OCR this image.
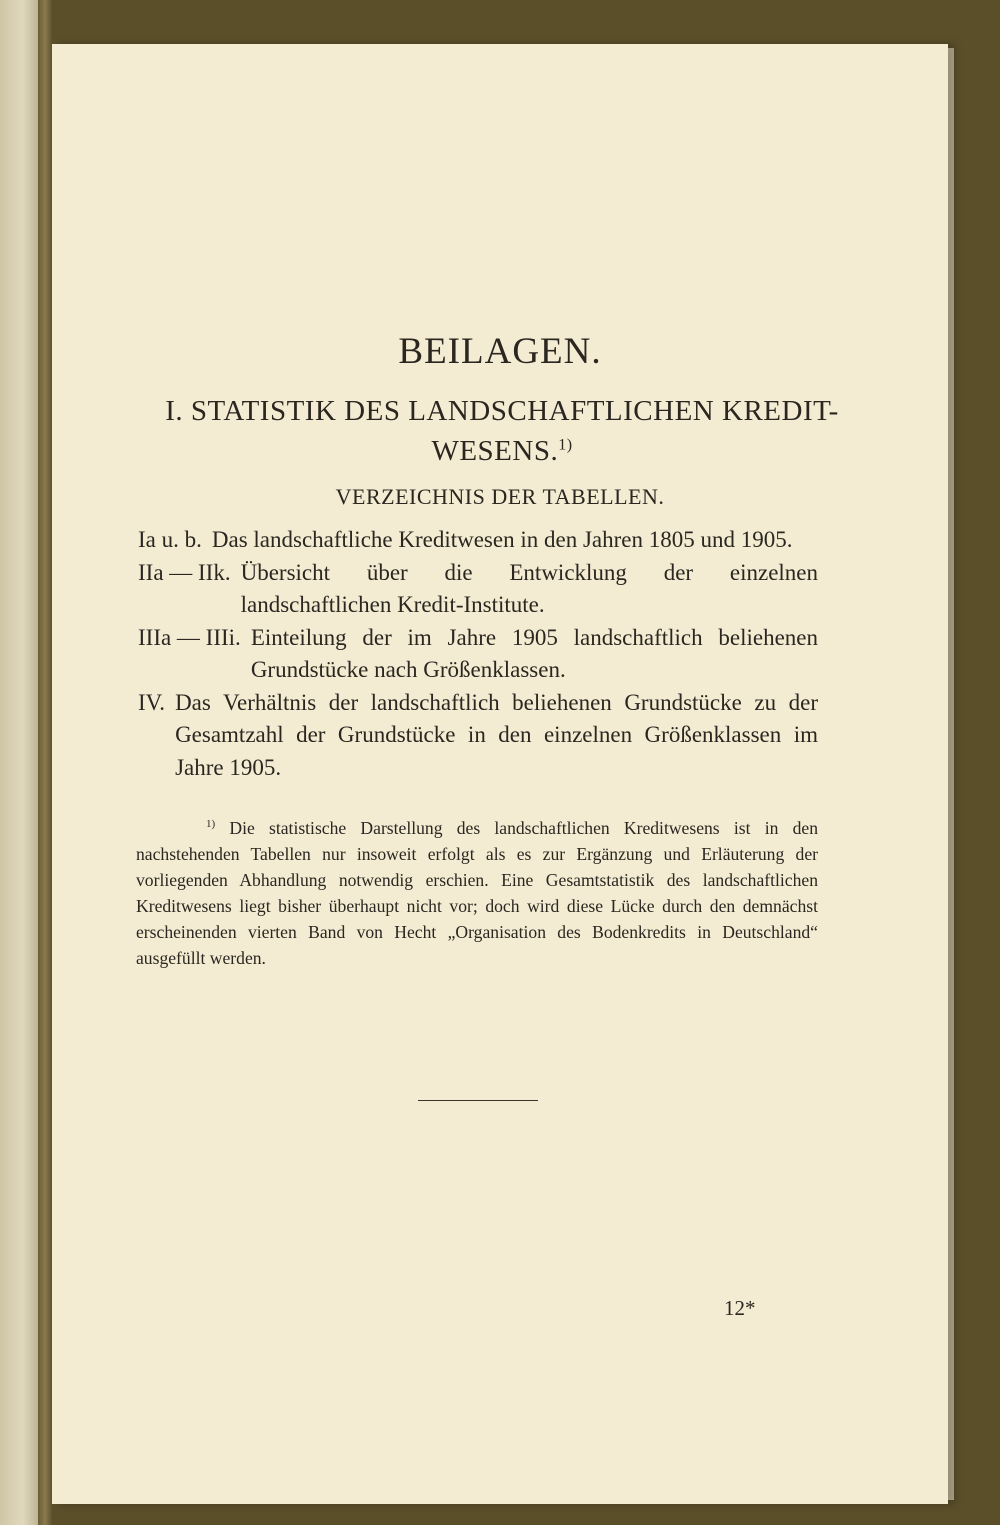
BEILAGEN.
I. STATISTIK DES LANDSCHAFTLICHEN KREDIT-
WESENS.$^{1)}$
VERZEICHNIS DER TABELLEN.
Ia u. b. Das landschaftliche Kreditwesen in den Jahren 1805 und 1905.
IIa — IIk. Übersicht über die Entwicklung der einzelnen landschaftlichen Kredit-Institute.
IIIa — IIIi. Einteilung der im Jahre 1905 landschaftlich beliehenen Grundstücke nach Größenklassen.
IV. Das Verhältnis der landschaftlich beliehenen Grundstücke zu der Gesamtzahl der Grundstücke in den einzelnen Größenklassen im Jahre 1905.
$^{1)}$ Die statistische Darstellung des landschaftlichen Kreditwesens ist in den nachstehenden Tabellen nur insoweit erfolgt als es zur Ergänzung und Erläuterung der vorliegenden Abhandlung notwendig erschien. Eine Gesamtstatistik des landschaftlichen Kreditwesens liegt bisher überhaupt nicht vor; doch wird diese Lücke durch den demnächst erscheinenden vierten Band von Hecht „Organisation des Bodenkredits in Deutschland“ ausgefüllt werden.
12*
